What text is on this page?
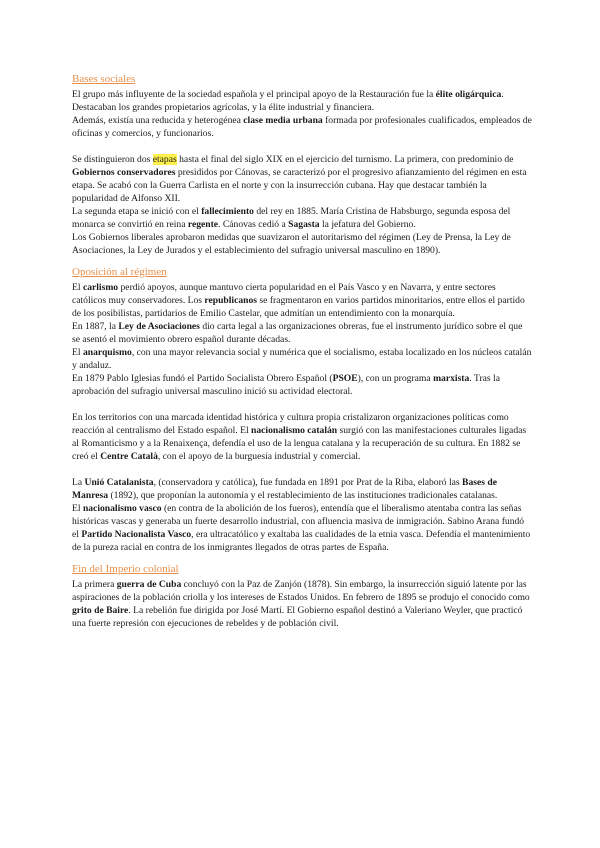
Bases sociales

El grupo más influyente de la sociedad española y el principal apoyo de la Restauración fue la élite oligárquica. Destacaban los grandes propietarios agrícolas, y la élite industrial y financiera.

Además, existía una reducida y heterogénea clase media urbana formada por profesionales cualificados, empleados de oficinas y comercios, y funcionarios.

Se distinguieron dos etapas hasta el final del siglo XIX en el ejercicio del turnismo. La primera, con predominio de Gobiernos conservadores presididos por Cánovas, se caracterizó por el progresivo afianzamiento del régimen en esta etapa. Se acabó con la Guerra Carlista en el norte y con la insurrección cubana. Hay que destacar también la popularidad de Alfonso XII.

La segunda etapa se inició con el fallecimiento del rey en 1885. María Cristina de Habsburgo, segunda esposa del monarca se convirtió en reina regente. Cánovas cedió a Sagasta la jefatura del Gobierno.

Los Gobiernos liberales aprobaron medidas que suavizaron el autoritarismo del régimen (Ley de Prensa, la Ley de Asociaciones, la Ley de Jurados y el establecimiento del sufragio universal masculino en 1890).

Oposición al régimen

El carlismo perdió apoyos, aunque mantuvo cierta popularidad en el País Vasco y en Navarra, y entre sectores católicos muy conservadores. Los republicanos se fragmentaron en varios partidos minoritarios, entre ellos el partido de los posibilistas, partidarios de Emilio Castelar, que admitían un entendimiento con la monarquía.

En 1887, la Ley de Asociaciones dio carta legal a las organizaciones obreras, fue el instrumento jurídico sobre el que se asentó el movimiento obrero español durante décadas.

El anarquismo, con una mayor relevancia social y numérica que el socialismo, estaba localizado en los núcleos catalán y andaluz.

En 1879 Pablo Iglesias fundó el Partido Socialista Obrero Español (PSOE), con un programa marxista. Tras la aprobación del sufragio universal masculino inició su actividad electoral.

En los territorios con una marcada identidad histórica y cultura propia cristalizaron organizaciones políticas como reacción al centralismo del Estado español. El nacionalismo catalán surgió con las manifestaciones culturales ligadas al Romanticismo y a la Renaixença, defendía el uso de la lengua catalana y la recuperación de su cultura. En 1882 se creó el Centre Català, con el apoyo de la burguesía industrial y comercial.

La Unió Catalanista, (conservadora y católica), fue fundada en 1891 por Prat de la Riba, elaboró las Bases de Manresa (1892), que proponían la autonomía y el restablecimiento de las instituciones tradicionales catalanas.

El nacionalismo vasco (en contra de la abolición de los fueros), entendía que el liberalismo atentaba contra las señas históricas vascas y generaba un fuerte desarrollo industrial, con afluencia masiva de inmigración. Sabino Arana fundó el Partido Nacionalista Vasco, era ultracatólico y exaltaba las cualidades de la etnia vasca. Defendía el mantenimiento de la pureza racial en contra de los inmigrantes llegados de otras partes de España.

Fin del Imperio colonial

La primera guerra de Cuba concluyó con la Paz de Zanjón (1878). Sin embargo, la insurrección siguió latente por las aspiraciones de la población criolla y los intereses de Estados Unidos. En febrero de 1895 se produjo el conocido como grito de Baire. La rebelión fue dirigida por José Martí. El Gobierno español destinó a Valeriano Weyler, que practicó una fuerte represión con ejecuciones de rebeldes y de población civil.
